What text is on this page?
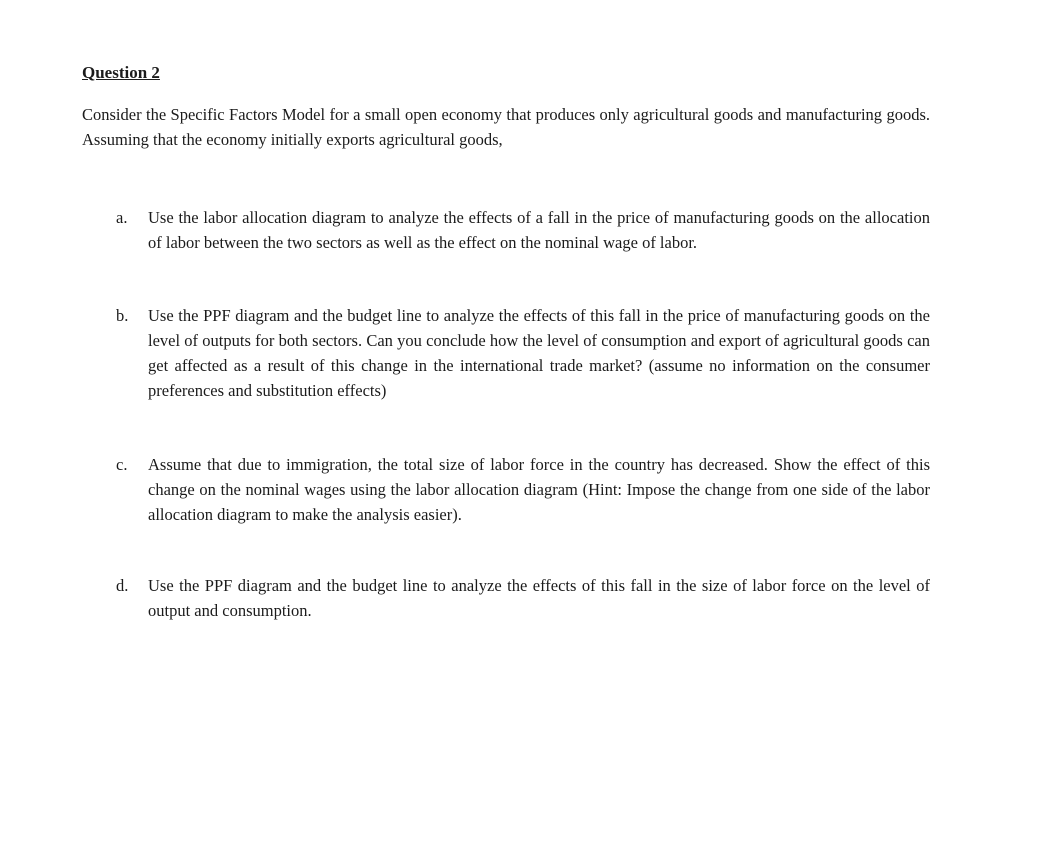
Question 2

Consider the Specific Factors Model for a small open economy that produces only agricultural goods and manufacturing goods. Assuming that the economy initially exports agricultural goods,

a.	Use the labor allocation diagram to analyze the effects of a fall in the price of manufacturing goods on the allocation of labor between the two sectors as well as the effect on the nominal wage of labor.
b.	Use the PPF diagram and the budget line to analyze the effects of this fall in the price of manufacturing goods on the level of outputs for both sectors. Can you conclude how the level of consumption and export of agricultural goods can get affected as a result of this change in the international trade market? (assume no information on the consumer preferences and substitution effects)
c.	Assume that due to immigration, the total size of labor force in the country has decreased. Show the effect of this change on the nominal wages using the labor allocation diagram (Hint: Impose the change from one side of the labor allocation diagram to make the analysis easier).
d.	Use the PPF diagram and the budget line to analyze the effects of this fall in the size of labor force on the level of output and consumption.
